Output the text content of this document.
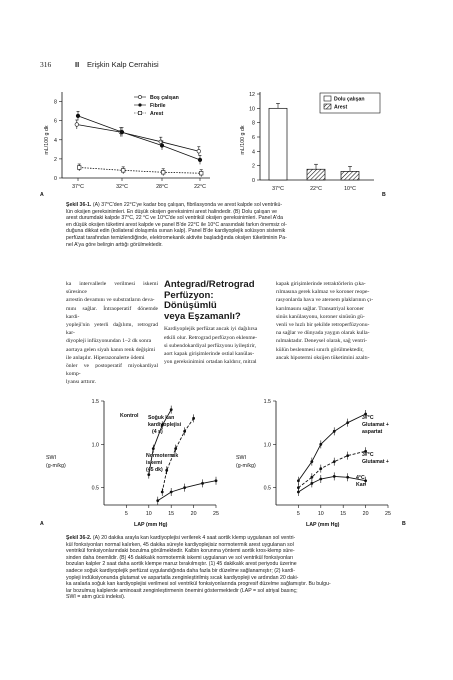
316	II Erişkin Kalp Cerrahisi
mL/100 g dk
0
2
4
6
8
37°C	32°C	28°C	22°C
Boş çalışan
Fibrile
Arest
A
mL/100 g dk
0
2
4
6
8
10
12
37°C	22°C	10°C
Dolu çalışan
Arest
B
Şekil 36-1. (A) 37°C'den 22°C'ye kadar boş çalışan, fibrilasyonda ve arest kalpde sol ventrikü-
lün oksijen gereksinimleri. En düşük oksijen gereksinimi arest halindedir. (B) Dolu çalışan ve
arest durumdaki kalpde 37°C, 22 °C ve 10°C'de sol ventrikül oksijen gereksinimleri. Panel A'da
en düşük oksijen tüketimi arest kalpde ve panel B'de 22°C ile 10°C arasındaki farkın önemsiz ol-
duğuna dikkat edin (kollateral dolaşımla ısınan kalp). Panel B'de kardiyoplejik solüsyon sistemik
perfüzat tarafından temizlendiğinde, elektromekanik aktivite başladığında oksijen tüketiminin Pa-
nel A'ya göre belirgin arttığı görülmektedir.

ka intervallerle verilmesi iskemi süresince

arrestin devamını ve substratların deva-

mını sağlar. İntraoperatif dönemde kardi-

yopleji'nin yeterli dağılımı, retrograd kar-

diyopleji infüzyonundan 1–2 dk sonra

aortaya gelen siyah kanın renk değişimi

ile anlaşılır. Hiperazonalerte ödemi

önler ve postoperatif miyokardiyal komp-

lyansı arttırır.

Antegrad/Retrograd
Perfüzyon: Dönüşümlü
veya Eşzamanlı?

Kardiyoplejik perfüzat ancak iyi dağılırsa

etkili olur. Retrograd perfüzyon eklenme-

si subendokardiyal perfüzyonu iyileştirir,

aort kapak girişimlerinde ostial kanülas-

yon gereksinimini ortadan kaldırır, mitral

kapak girişimlerinde retraktörlerin çıka-

rılmasına gerek kalmaz ve koroner reope-

rasyonlarda hava ve ateroem plaklarının çı-

karılmasını sağlar. Transatriyal koroner

sinüs kanülasyonu, koroner sinüsün gü-

venli ve hızlı bir şekilde retroperfüzyonu-

na sağlar ve dünyada yaygın olarak kulla-

nılmaktadır. Deneysel olarak, sağ ventri-

külün beslenmesi sınırlı görülmektedir,

ancak hipotermi oksijen tüketimini azaltı-

SWI
(g-m/kg)
0.5
1.0
1.5
5	10	15	20	25
Kontrol Soğuk kan
kardiyoplejisi
(4 s)
Normotermik
iskemi
(45 dk)
LAP (mm Hg)
A
SWI
(g-m/kg)
0.5
1.0
1.5
5	10	15	20	25
37°C
Glutamat +
aspartat
37°C
Glutamat +
4°C
Kan
LAP (mm Hg)	B
Şekil 36-2. (A) 20 dakika arayla kan kardiyoplejisi verilerek 4 saat aortik klemp uygulanan sol ventri-
kül fonksiyonları normal kalırken, 45 dakika süreyle kardiyoplejisiz normotermik arest uygulanan sol
ventrikül fonksiyonlarındaki bozulma görülmektedir. Kalbin korunma yöntemi aortik kros-klemp süre-
sinden daha önemlidir. (B) 45 dakikalık normotermik iskemi uygulanan ve sol ventrikül fonksiyonları
bozulan kalpler 2 saat daha aortik klempe maruz bırakılmıştır. (1) 45 dakikalık arest periyodu üzerine
sadece soğuk kardiyoplejik perfüzat uygulandığında daha fazla bir düzelme sağlanamıştır; (2) kardi-
yopleji indüksiyonunda glutamat ve aspartatla zenginleştirilmiş sıcak kardiyopleji ve ardından 20 daki-
ka aralarla soğuk kan kardiyoplejisi verilmesi sol ventrikül fonksiyonlarında progresif düzelme sağlamıştır. Bu bulgu-
lar bozulmuş kalplerde aminoasit zenginleştirmenin önemini göstermektedir (LAP = sol atriyal basınç;
SWI = atım gücü indeksi).
